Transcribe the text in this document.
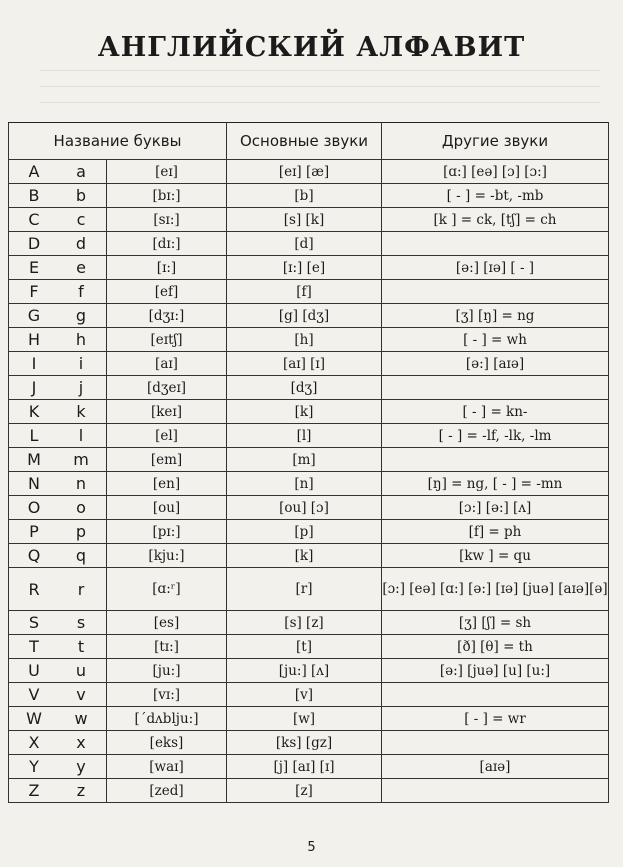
АНГЛИЙСКИЙ АЛФАВИТ
Название буквы		Основные звуки	Другие звуки

A a	[eɪ]	[eɪ] [æ]	[ɑ:] [eə] [ɔ] [ɔ:]

B b	[bɪ:]	[b]	[ - ] = -bt, -mb

C c	[sɪ:]	[s] [k]	[k ] = ck, [tʃ] = ch

D d	[dɪ:]	[d]	

E e	[ɪ:]	[ɪ:] [e]	[ə:] [ɪə] [ - ]

F f	[ef]	[f]	

G g	[dʒɪ:]	[g] [dʒ]	[ʒ] [ŋ] = ng

H h	[eɪtʃ]	[h]	[ - ] = wh

I i	[aɪ]	[aɪ] [ɪ]	[ə:] [aɪə]

J j	[dʒeɪ]	[dʒ]	

K k	[keɪ]	[k]	[ - ] = kn-

L l	[el]	[l]	[ - ] = -lf, -lk, -lm

M m	[em]	[m]	

N n	[en]	[n]	[ŋ] = ng, [ - ] = -mn

O o	[ou]	[ou] [ɔ]	[ɔ:] [ə:] [ʌ]

P p	[pɪ:]	[p]	[f] = ph

Q q	[kju:]	[k]	[kw ] = qu

R r	[ɑ:ʳ]	[r]	[ɔ:] [eə] [ɑ:] [ə:] [ɪə] [juə] [aɪə][ə]

S s	[es]	[s] [z]	[ʒ] [ʃ] = sh

T t	[tɪ:]	[t]	[ð] [θ] = th

U u	[ju:]	[ju:] [ʌ]	[ə:] [juə] [u] [u:]

V v	[vɪ:]	[v]	

W w	[ˊdʌblju:]	[w]	[ - ] = wr

X x	[eks]	[ks] [gz]	

Y y	[waɪ]	[j] [aɪ] [ɪ]	[aɪə]

Z z	[zed]	[z]	
5
